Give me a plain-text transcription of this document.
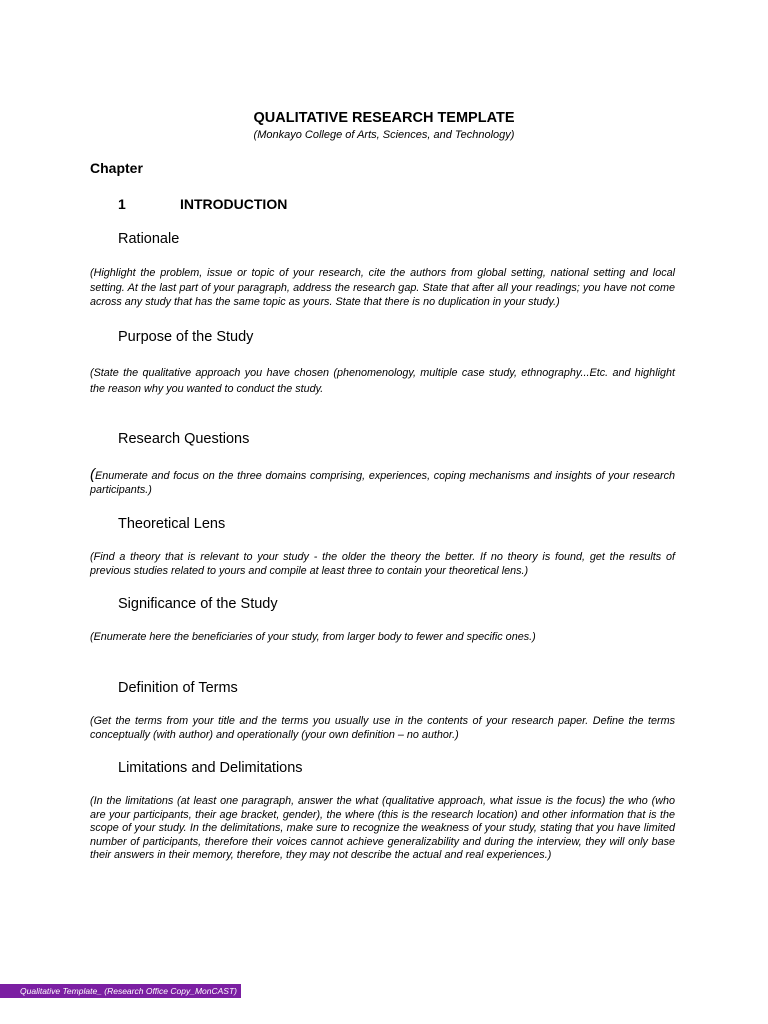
QUALITATIVE RESEARCH TEMPLATE
(Monkayo College of Arts, Sciences, and Technology)
Chapter
1	INTRODUCTION
Rationale
(Highlight the problem, issue or topic of your research, cite the authors from global setting, national setting and local setting. At the last part of your paragraph, address the research gap. State that after all your readings; you have not come across any study that has the same topic as yours. State that there is no duplication in your study.)
Purpose of the Study
(State the qualitative approach you have chosen (phenomenology, multiple case study, ethnography...Etc. and highlight the reason why you wanted to conduct the study.
Research Questions
(Enumerate and focus on the three domains comprising, experiences, coping mechanisms and insights of your research participants.)
Theoretical Lens
(Find a theory that is relevant to your study - the older the theory the better. If no theory is found, get the results of previous studies related to yours and compile at least three to contain your theoretical lens.)
Significance of the Study
(Enumerate here the beneficiaries of your study, from larger body to fewer and specific ones.)
Definition of Terms
(Get the terms from your title and the terms you usually use in the contents of your research paper. Define the terms conceptually (with author) and operationally (your own definition – no author.)
Limitations and Delimitations
(In the limitations (at least one paragraph, answer the what (qualitative approach, what issue is the focus) the who (who are your participants, their age bracket, gender), the where (this is the research location) and other information that is the scope of your study. In the delimitations, make sure to recognize the weakness of your study, stating that you have limited number of participants, therefore their voices cannot achieve generalizability and during the interview, they will only base their answers in their memory, therefore, they may not describe the actual and real experiences.)
Qualitative Template_ (Research Office Copy_MonCAST)
